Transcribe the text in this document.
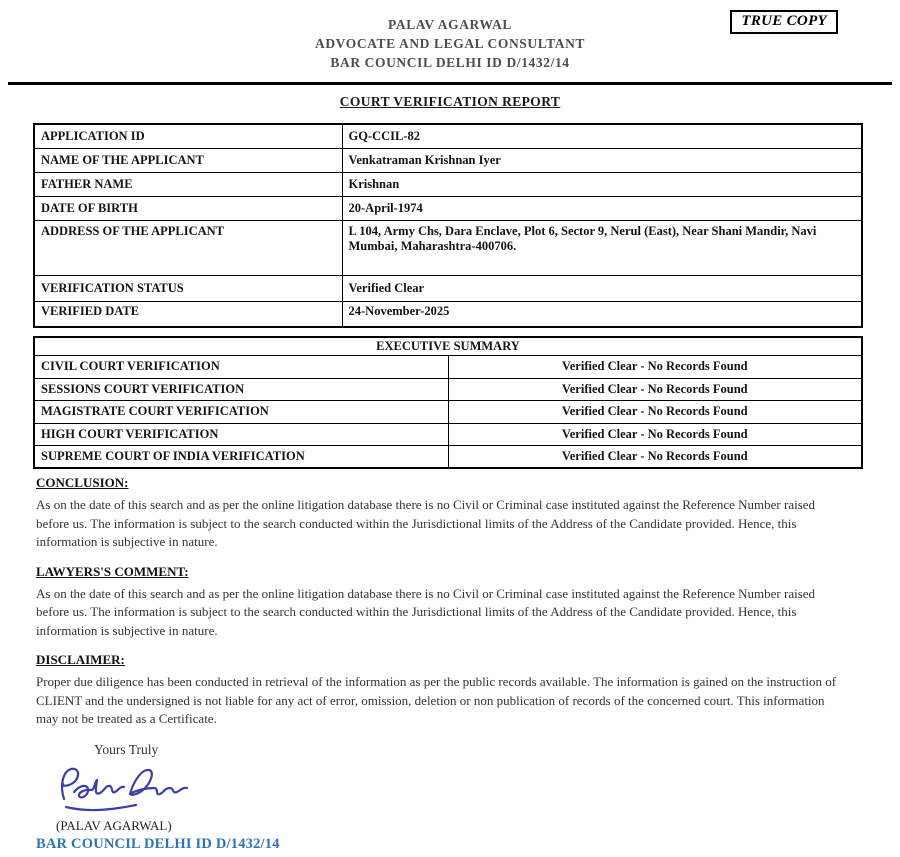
TRUE COPY
PALAV AGARWAL
ADVOCATE AND LEGAL CONSULTANT
BAR COUNCIL DELHI ID D/1432/14
COURT VERIFICATION REPORT
APPLICATION ID	GQ-CCIL-82
NAME OF THE APPLICANT	Venkatraman Krishnan Iyer
FATHER NAME	Krishnan
DATE OF BIRTH	20-April-1974
ADDRESS OF THE APPLICANT	L 104, Army Chs, Dara Enclave, Plot 6, Sector 9, Nerul (East), Near Shani Mandir, Navi Mumbai, Maharashtra-400706.
VERIFICATION STATUS	Verified Clear
VERIFIED DATE	24-November-2025
EXECUTIVE SUMMARY	
CIVIL COURT VERIFICATION	Verified Clear - No Records Found
SESSIONS COURT VERIFICATION	Verified Clear - No Records Found
MAGISTRATE COURT VERIFICATION	Verified Clear - No Records Found
HIGH COURT VERIFICATION	Verified Clear - No Records Found
SUPREME COURT OF INDIA VERIFICATION	Verified Clear - No Records Found
CONCLUSION:

As on the date of this search and as per the online litigation database there is no Civil or Criminal case instituted against the Reference Number raised before us. The information is subject to the search conducted within the Jurisdictional limits of the Address of the Candidate provided. Hence, this information is subjective in nature.

LAWYERS'S COMMENT:

As on the date of this search and as per the online litigation database there is no Civil or Criminal case instituted against the Reference Number raised before us. The information is subject to the search conducted within the Jurisdictional limits of the Address of the Candidate provided. Hence, this information is subjective in nature.

DISCLAIMER:

Proper due diligence has been conducted in retrieval of the information as per the public records available. The information is gained on the instruction of CLIENT and the undersigned is not liable for any act of error, omission, deletion or non publication of records of the concerned court. This information may not be treated as a Certificate.

Yours Truly
(PALAV AGARWAL)
BAR COUNCIL DELHI ID D/1432/14
